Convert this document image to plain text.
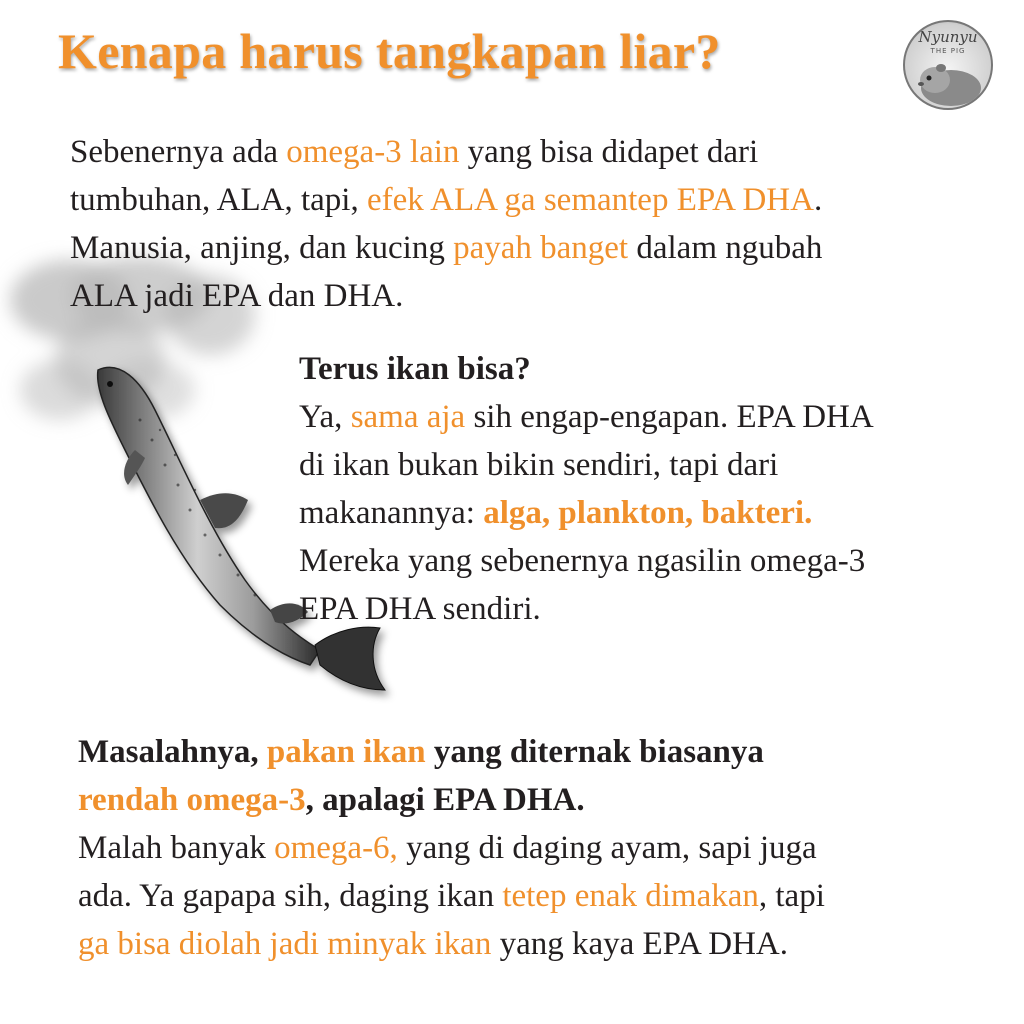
Kenapa harus tangkapan liar?	Nyunyu
THE PIG
Sebenernya ada omega-3 lain yang bisa didapet dari
tumbuhan, ALA, tapi, efek ALA ga semantep EPA DHA.
Manusia, anjing, dan kucing payah banget dalam ngubah
ALA jadi EPA dan DHA.
Terus ikan bisa?
Ya, sama aja sih engap-engapan. EPA DHA
di ikan bukan bikin sendiri, tapi dari
makanannya: alga, plankton, bakteri.
Mereka yang sebenernya ngasilin omega-3
EPA DHA sendiri.
Masalahnya, pakan ikan yang diternak biasanya
rendah omega-3, apalagi EPA DHA.
Malah banyak omega-6, yang di daging ayam, sapi juga
ada. Ya gapapa sih, daging ikan tetep enak dimakan, tapi
ga bisa diolah jadi minyak ikan yang kaya EPA DHA.
